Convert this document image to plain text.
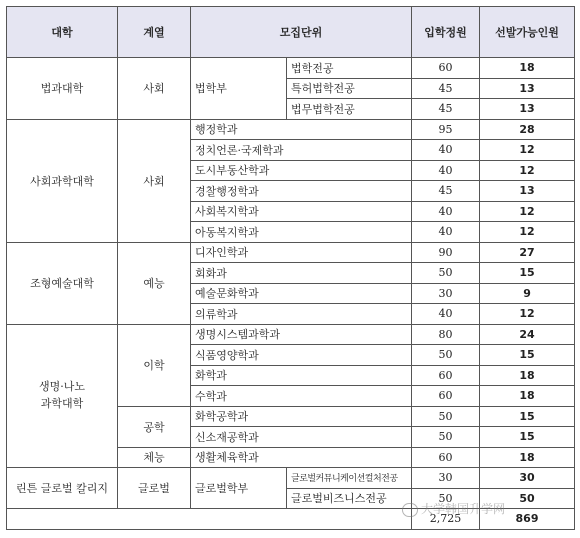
대학	계열	모집단위		입학정원	선발가능인원
법과대학	사회	법학부	법학전공	60	18
			특허법학전공	45	13
			법무법학전공	45	13
사회과학대학	사회	행정학과		95	28
		정치언론·국제학과		40	12
		도시부동산학과		40	12
		경찰행정학과		45	13
		사회복지학과		40	12
		아동복지학과		40	12
조형예술대학	예능	디자인학과		90	27
		회화과		50	15
		예술문화학과		30	9
		의류학과		40	12
생명·나노
과학대학	이학	생명시스템과학과		80	24
		식품영양학과		50	15
		화학과		60	18
		수학과		60	18
	공학	화학공학과		50	15
		신소재공학과		50	15
	체능	생활체육학과		60	18
린튼 글로벌 칼리지	글로벌	글로벌학부	글로벌커뮤니케이션컬처전공	30	30
			글로벌비즈니스전공	50	50
				2,725	869
大学韩国升学网
